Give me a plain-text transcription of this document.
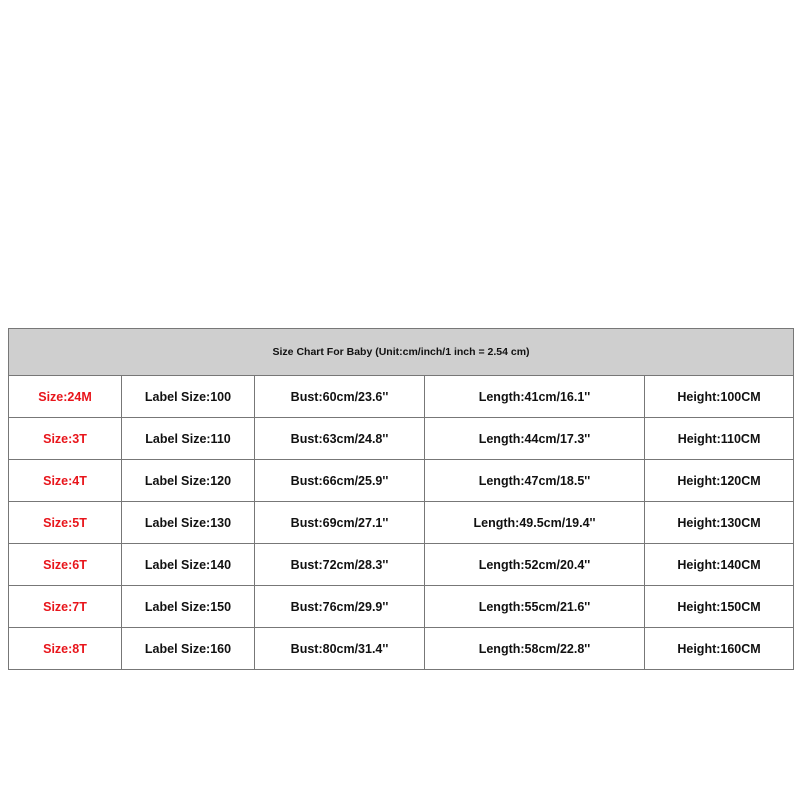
Size Chart For Baby (Unit:cm/inch/1 inch = 2.54 cm)				
Size:24M	Label Size:100	Bust:60cm/23.6''	Length:41cm/16.1''	Height:100CM
Size:3T	Label Size:110	Bust:63cm/24.8''	Length:44cm/17.3''	Height:110CM
Size:4T	Label Size:120	Bust:66cm/25.9''	Length:47cm/18.5''	Height:120CM
Size:5T	Label Size:130	Bust:69cm/27.1''	Length:49.5cm/19.4''	Height:130CM
Size:6T	Label Size:140	Bust:72cm/28.3''	Length:52cm/20.4''	Height:140CM
Size:7T	Label Size:150	Bust:76cm/29.9''	Length:55cm/21.6''	Height:150CM
Size:8T	Label Size:160	Bust:80cm/31.4''	Length:58cm/22.8''	Height:160CM
